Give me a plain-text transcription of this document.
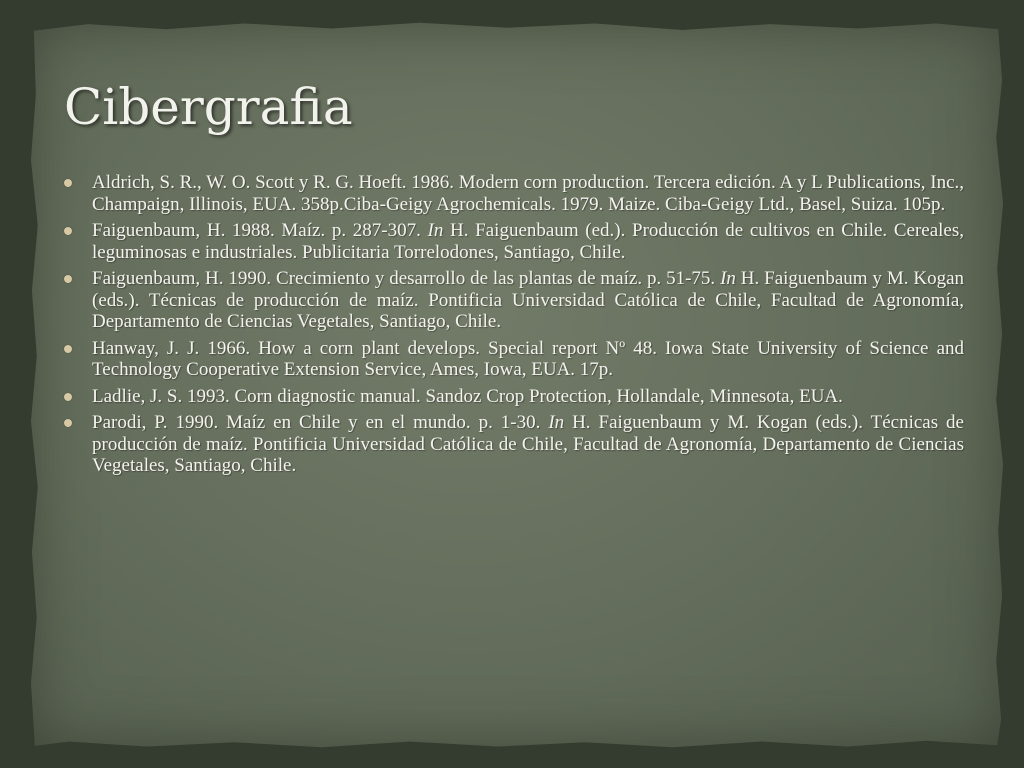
Cibergrafia
Aldrich, S. R., W. O. Scott y R. G. Hoeft. 1986. Modern corn production. Tercera edición. A y L Publications, Inc., Champaign, Illinois, EUA. 358p.Ciba-Geigy Agrochemicals. 1979. Maize. Ciba-Geigy Ltd., Basel, Suiza. 105p.
Faiguenbaum, H. 1988. Maíz. p. 287-307. In H. Faiguenbaum (ed.). Producción de cultivos en Chile. Cereales, leguminosas e industriales. Publicitaria Torrelodones, Santiago, Chile.
Faiguenbaum, H. 1990. Crecimiento y desarrollo de las plantas de maíz. p. 51-75. In H. Faiguenbaum y M. Kogan (eds.). Técnicas de producción de maíz. Pontificia Universidad Católica de Chile, Facultad de Agronomía, Departamento de Ciencias Vegetales, Santiago, Chile.
Hanway, J. J. 1966. How a corn plant develops. Special report Nº 48. Iowa State University of Science and Technology Cooperative Extension Service, Ames, Iowa, EUA. 17p.
Ladlie, J. S. 1993. Corn diagnostic manual. Sandoz Crop Protection, Hollandale, Minnesota, EUA.
Parodi, P. 1990. Maíz en Chile y en el mundo. p. 1-30. In H. Faiguenbaum y M. Kogan (eds.). Técnicas de producción de maíz. Pontificia Universidad Católica de Chile, Facultad de Agronomía, Departamento de Ciencias Vegetales, Santiago, Chile.
